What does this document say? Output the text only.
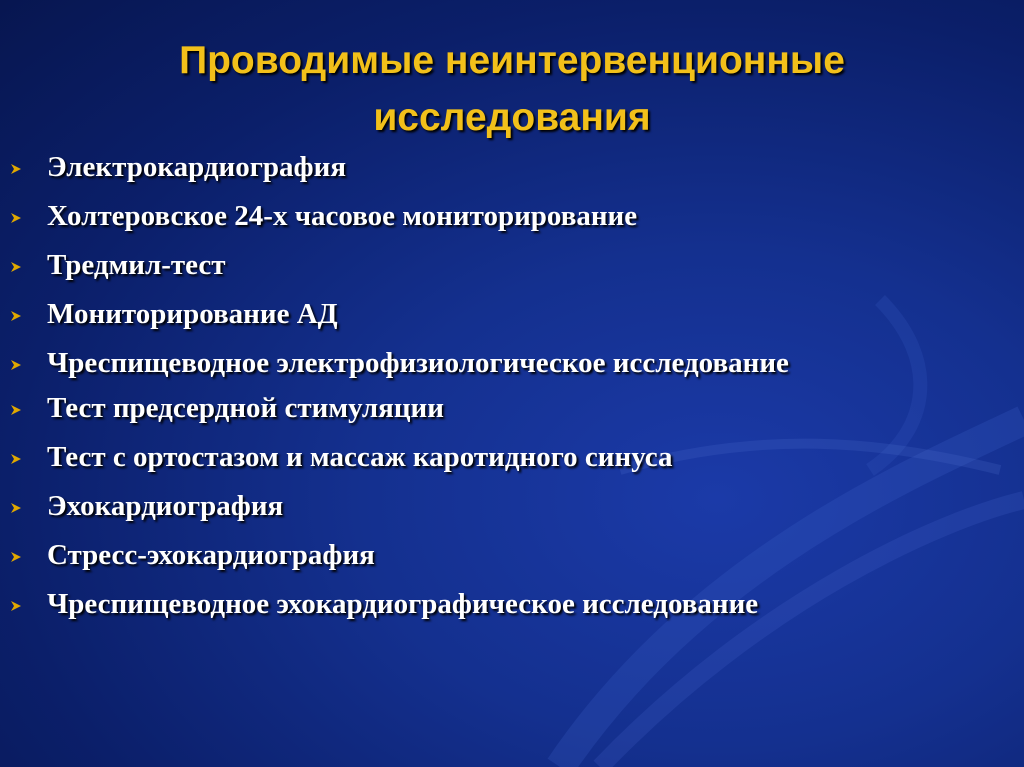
Проводимые неинтервенционные
исследования
Электрокардиография
Холтеровское 24-х часовое мониторирование
Тредмил-тест
Мониторирование АД
Чреспищеводное электрофизиологическое исследование
Тест предсердной стимуляции
Тест с ортостазом и массаж каротидного синуса
Эхокардиография
Стресс-эхокардиография
Чреспищеводное эхокардиографическое исследование
